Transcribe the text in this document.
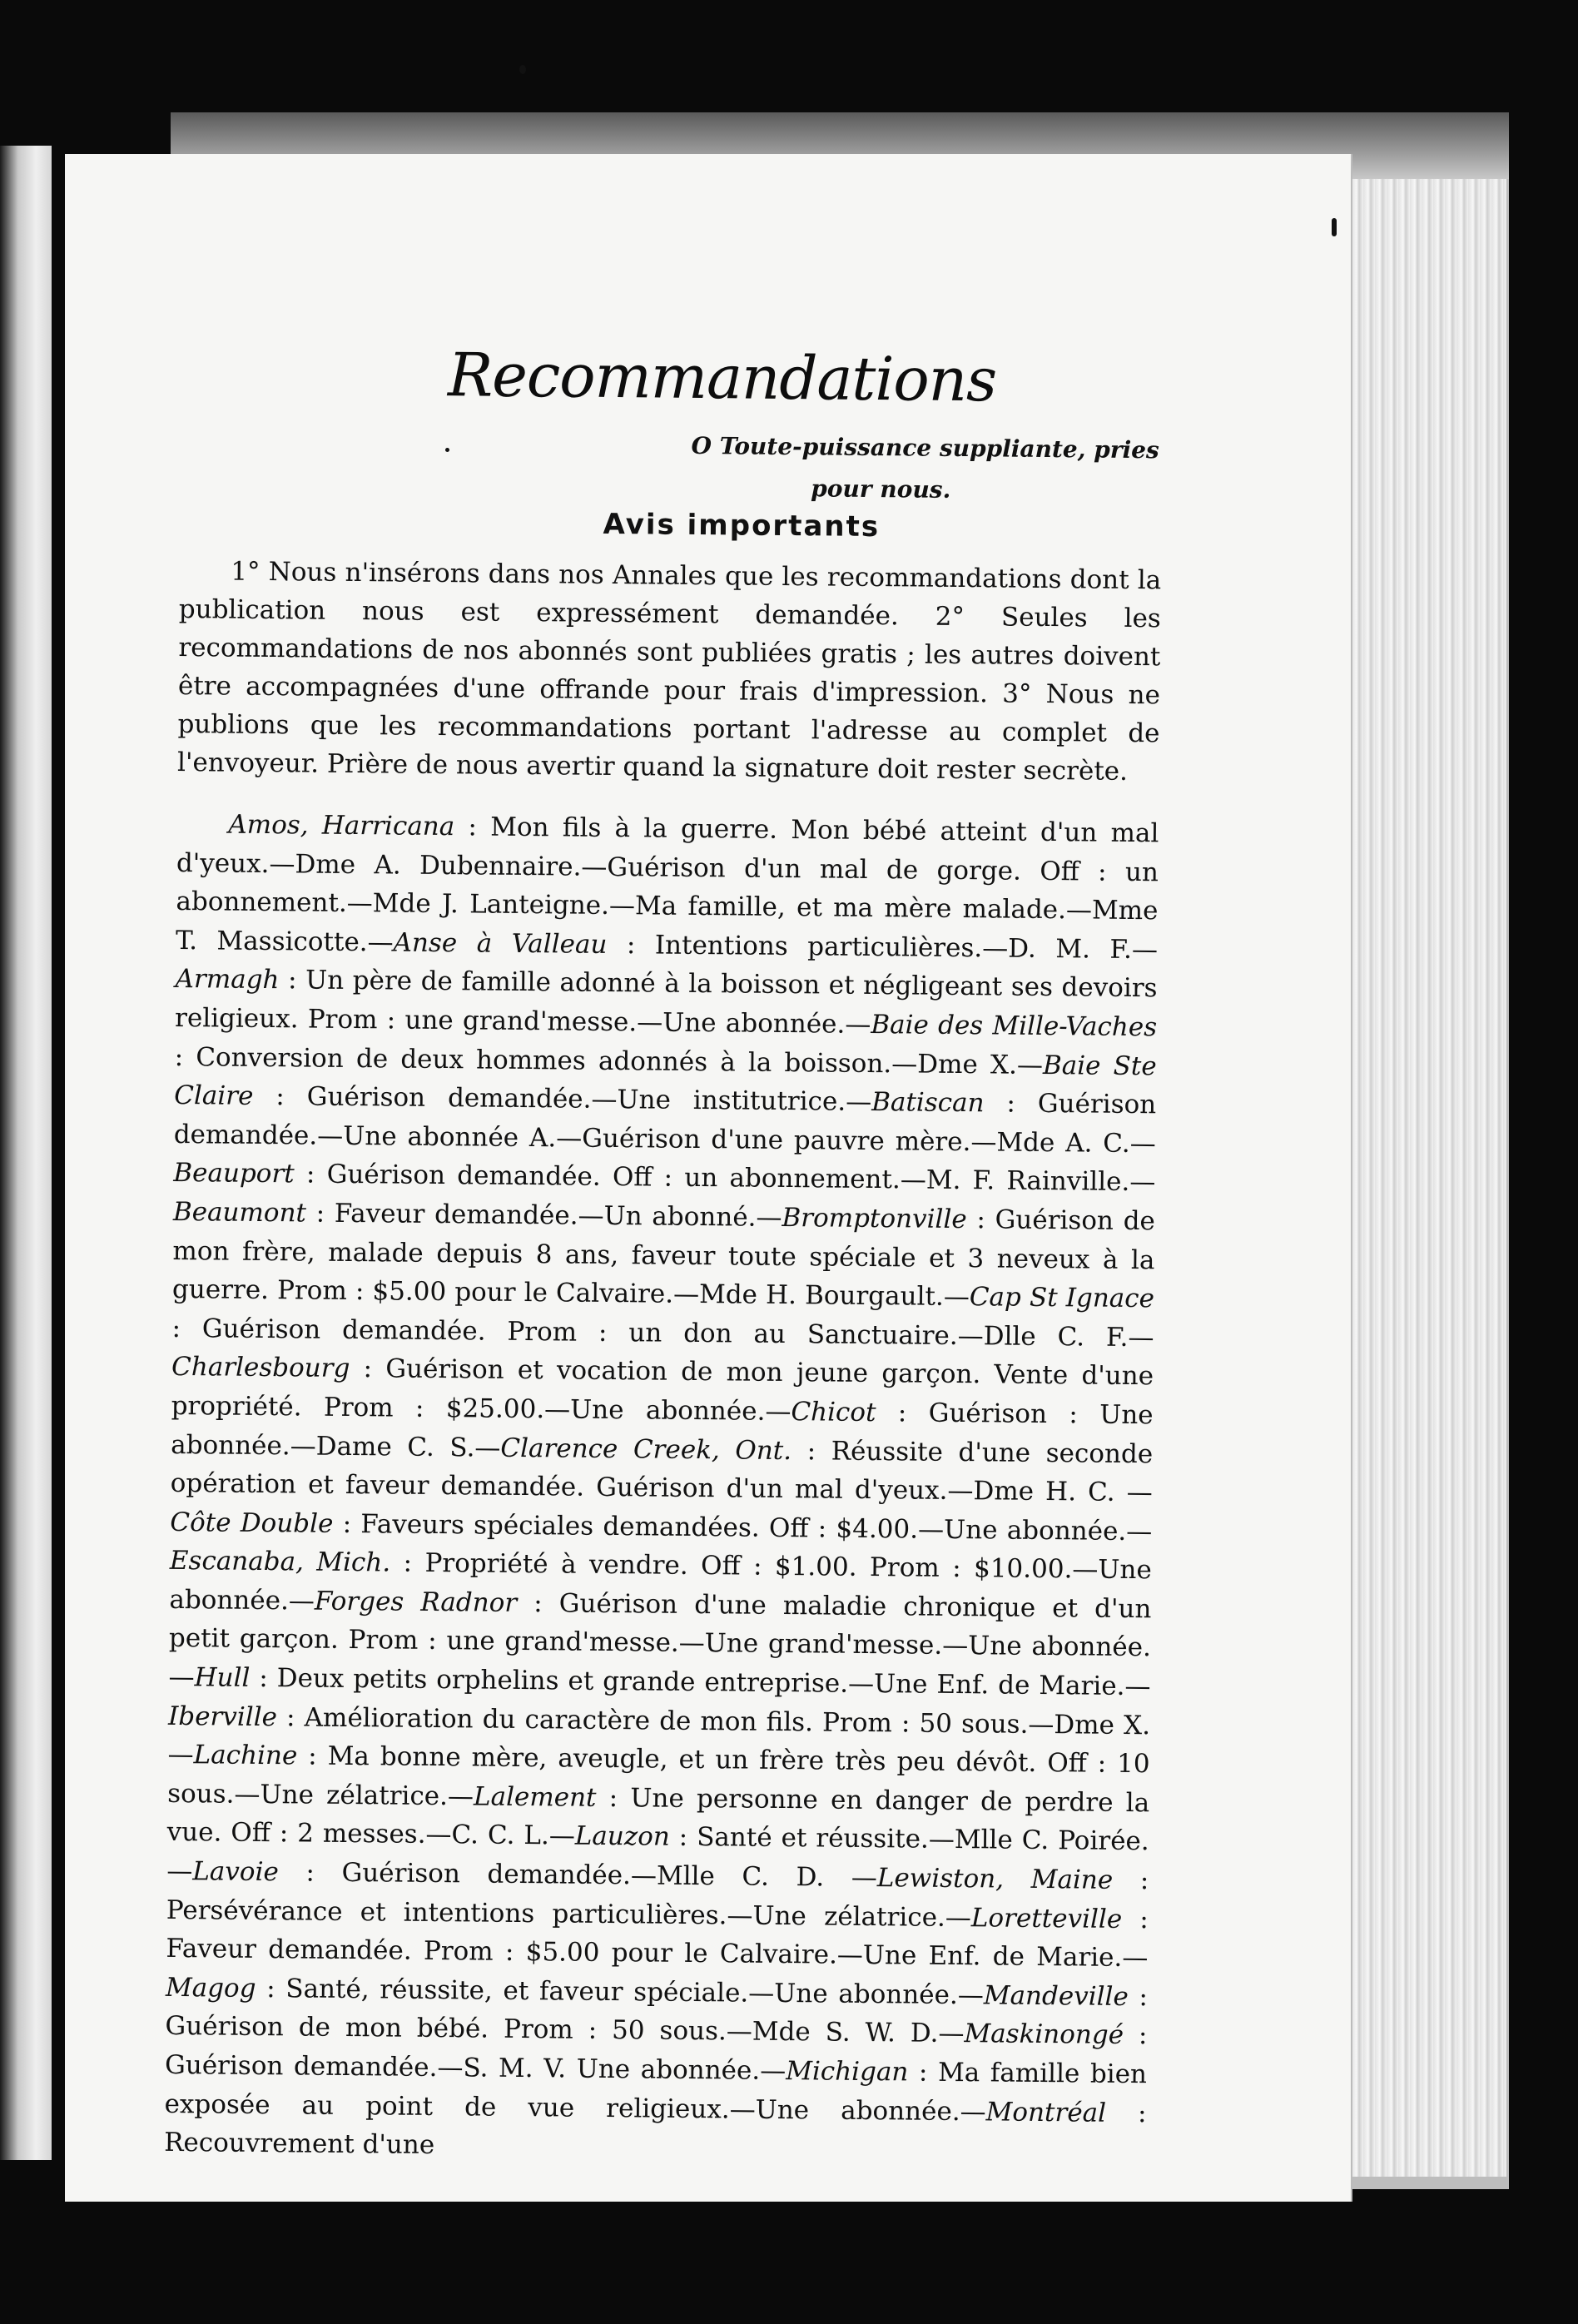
Recommandations
O Toute-puissance suppliante, pries
pour nous.
Avis importants

1° Nous n'insérons dans nos Annales que les recommandations dont la publication nous est expressément demandée. 2° Seules les recommandations de nos abonnés sont publiées gratis ; les autres doivent être accompagnées d'une offrande pour frais d'impression. 3° Nous ne publions que les recommandations portant l'adresse au complet de l'envoyeur. Prière de nous avertir quand la signature doit rester secrète.

Amos, Harricana : Mon fils à la guerre. Mon bébé atteint d'un mal d'yeux.—Dme A. Dubennaire.—Guérison d'un mal de gorge. Off : un abonnement.—Mde J. Lanteigne.—Ma famille, et ma mère malade.—Mme T. Massicotte.—Anse à Valleau : Intentions particulières.—D. M. F.—Armagh : Un père de famille adonné à la boisson et négligeant ses devoirs religieux. Prom : une grand'messe.—Une abonnée.—Baie des Mille-Vaches : Conversion de deux hommes adonnés à la boisson.—Dme X.—Baie Ste Claire : Guérison demandée.—Une institutrice.—Batiscan : Guérison demandée.—Une abonnée A.—Guérison d'une pauvre mère.—Mde A. C.—Beauport : Guérison demandée. Off : un abonnement.—M. F. Rainville.—Beaumont : Faveur demandée.—Un abonné.—Bromptonville : Guérison de mon frère, malade depuis 8 ans, faveur toute spéciale et 3 neveux à la guerre. Prom : $5.00 pour le Calvaire.—Mde H. Bourgault.—Cap St Ignace : Guérison demandée. Prom : un don au Sanctuaire.—Dlle C. F.—Charlesbourg : Guérison et vocation de mon jeune garçon. Vente d'une propriété. Prom : $25.00.—Une abonnée.—Chicot : Guérison : Une abonnée.—Dame C. S.—Clarence Creek, Ont. : Réussite d'une seconde opération et faveur demandée. Guérison d'un mal d'yeux.—Dme H. C. —Côte Double : Faveurs spéciales demandées. Off : $4.00.—Une abonnée.—Escanaba, Mich. : Propriété à vendre. Off : $1.00. Prom : $10.00.—Une abonnée.—Forges Radnor : Guérison d'une maladie chronique et d'un petit garçon. Prom : une grand'messe.—Une grand'messe.—Une abonnée.—Hull : Deux petits orphelins et grande entreprise.—Une Enf. de Marie.—Iberville : Amélioration du caractère de mon fils. Prom : 50 sous.—Dme X.—Lachine : Ma bonne mère, aveugle, et un frère très peu dévôt. Off : 10 sous.—Une zélatrice.—Lalement : Une personne en danger de perdre la vue. Off : 2 messes.—C. C. L.—Lauzon : Santé et réussite.—Mlle C. Poirée.—Lavoie : Guérison demandée.—Mlle C. D. —Lewiston, Maine : Persévérance et intentions particulières.—Une zélatrice.—Loretteville : Faveur demandée. Prom : $5.00 pour le Calvaire.—Une Enf. de Marie.—Magog : Santé, réussite, et faveur spéciale.—Une abonnée.—Mandeville : Guérison de mon bébé. Prom : 50 sous.—Mde S. W. D.—Maskinongé : Guérison demandée.—S. M. V. Une abonnée.—Michigan : Ma famille bien exposée au point de vue religieux.—Une abonnée.—Montréal : Recouvrement d'une
